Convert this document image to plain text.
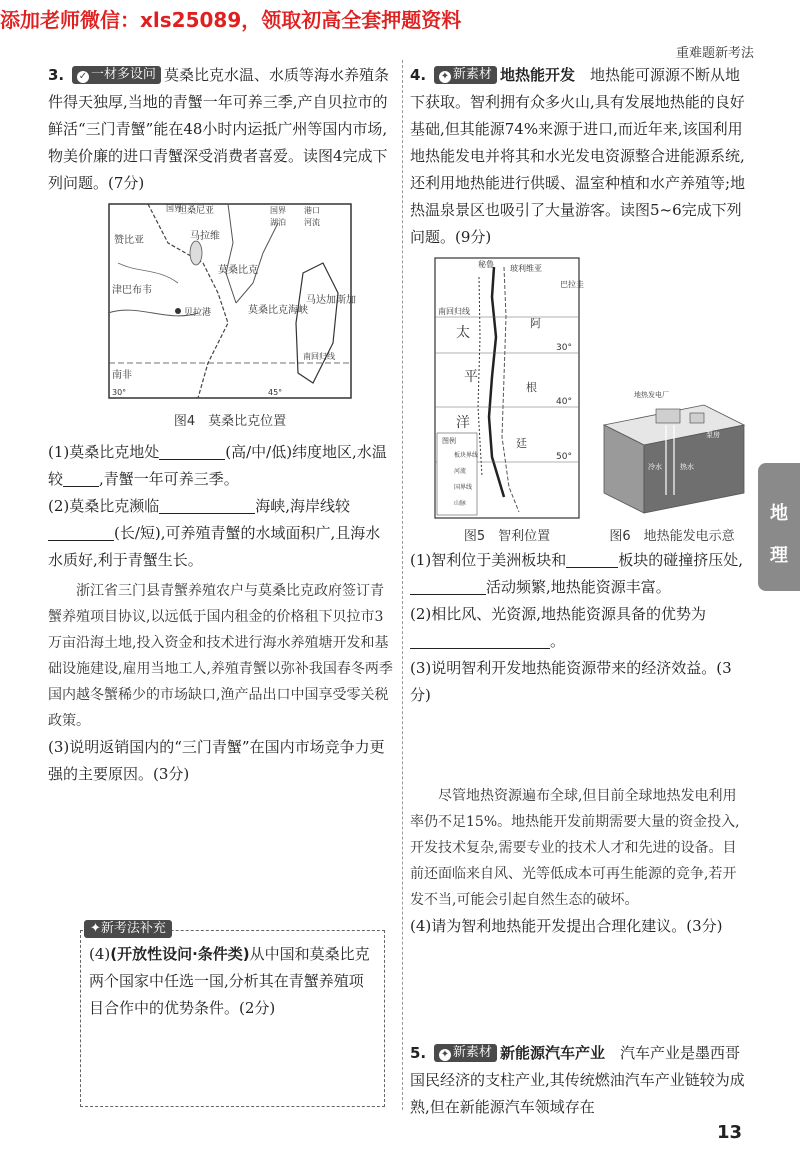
添加老师微信：xls25089，领取初高全套押题资料
重难题新考法
3. ✓ 一材多设问 莫桑比克水温、水质等海水养殖条件得天独厚,当地的青蟹一年可养三季,产自贝拉市的鲜活“三门青蟹”能在48小时内运抵广州等国内市场,物美价廉的进口青蟹深受消费者喜爱。读图4完成下列问题。(7分)
国界	国界 港口
湖泊 河流
赞比亚
坦桑尼亚
马拉维
津巴布韦
莫桑比克
贝拉港
南非
莫桑比克海峡
马达加斯加
南回归线
30°	45°
图4　莫桑比克位置
(1)莫桑比克地处	(高/中/低)纬度地区,水温较 ,青蟹一年可养三季。
(2)莫桑比克濒临	海峡,海岸线较(长/短),可养殖青蟹的水域面积广,且海水水质好,利于青蟹生长。
浙江省三门县青蟹养殖农户与莫桑比克政府签订青蟹养殖项目协议,以远低于国内租金的价格租下贝拉市3万亩沿海土地,投入资金和技术进行海水养殖塘开发和基础设施建设,雇用当地工人,养殖青蟹以弥补我国春冬两季国内越冬蟹稀少的市场缺口,渔产品出口中国享受零关税政策。
(3)说明返销国内的“三门青蟹”在国内市场竞争力更强的主要原因。(3分)
(4)(开放性设问·条件类)从中国和莫桑比克两个国家中任选一国,分析其在青蟹养殖项目合作中的优势条件。(2分)
✦新考法补充
4. ✦ 新素材 地热能开发　 地热能可源源不断从地下获取。智利拥有众多火山,具有发展地热能的良好基础,但其能源74%来源于进口,而近年来,该国利用地热能发电并将其和水光发电资源整合进能源系统,还利用地热能进行供暖、温室种植和水产养殖等;地热温泉景区也吸引了大量游客。读图5~6完成下列问题。(9分)
秘鲁 玻利维亚
巴拉圭
南回归线
太
平
洋
阿
根
廷
30°
40°
50°
图例
板块界线
河流
国界线
山脉
图5　智利位置
地热发电厂
泵房
冷水	热水
图6　地热能发电示意
(1)智利位于美洲板块和	板块的碰撞挤压处,活动频繁,地热能资源丰富。
(2)相比风、光资源,地热能资源具备的优势为。
(3)说明智利开发地热能资源带来的经济效益。(3分)
尽管地热资源遍布全球,但目前全球地热发电利用率仍不足15%。地热能开发前期需要大量的资金投入,开发技术复杂,需要专业的技术人才和先进的设备。目前还面临来自风、光等低成本可再生能源的竞争,若开发不当,可能会引起自然生态的破坏。
(4)请为智利地热能开发提出合理化建议。(3分)
5. ✦ 新素材 新能源汽车产业　 汽车产业是墨西哥国民经济的支柱产业,其传统燃油汽车产业链较为成熟,但在新能源汽车领域存在
地
理
13
